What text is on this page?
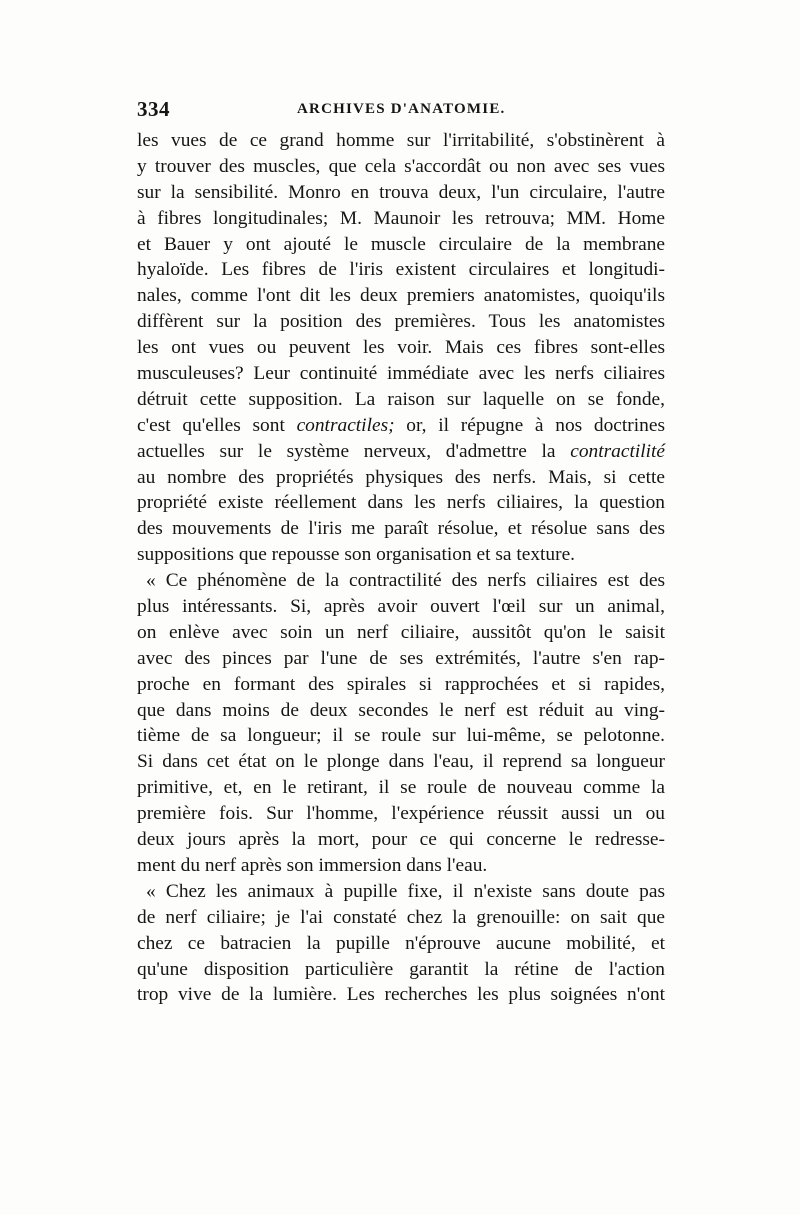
334	ARCHIVES D'ANATOMIE.
les vues de ce grand homme sur l'irritabilité, s'obstinèrent à
y trouver des muscles, que cela s'accordât ou non avec ses vues
sur la sensibilité. Monro en trouva deux, l'un circulaire, l'autre
à fibres longitudinales; M. Maunoir les retrouva; MM. Home
et Bauer y ont ajouté le muscle circulaire de la membrane
hyaloïde. Les fibres de l'iris existent circulaires et longitudi-
nales, comme l'ont dit les deux premiers anatomistes, quoiqu'ils
diffèrent sur la position des premières. Tous les anatomistes
les ont vues ou peuvent les voir. Mais ces fibres sont-elles
musculeuses? Leur continuité immédiate avec les nerfs ciliaires
détruit cette supposition. La raison sur laquelle on se fonde,
c'est qu'elles sont contractiles; or, il répugne à nos doctrines
actuelles sur le système nerveux, d'admettre la contractilité
au nombre des propriétés physiques des nerfs. Mais, si cette
propriété existe réellement dans les nerfs ciliaires, la question
des mouvements de l'iris me paraît résolue, et résolue sans des
suppositions que repousse son organisation et sa texture.
« Ce phénomène de la contractilité des nerfs ciliaires est des
plus intéressants. Si, après avoir ouvert l'œil sur un animal,
on enlève avec soin un nerf ciliaire, aussitôt qu'on le saisit
avec des pinces par l'une de ses extrémités, l'autre s'en rap-
proche en formant des spirales si rapprochées et si rapides,
que dans moins de deux secondes le nerf est réduit au ving-
tième de sa longueur; il se roule sur lui-même, se pelotonne.
Si dans cet état on le plonge dans l'eau, il reprend sa longueur
primitive, et, en le retirant, il se roule de nouveau comme la
première fois. Sur l'homme, l'expérience réussit aussi un ou
deux jours après la mort, pour ce qui concerne le redresse-
ment du nerf après son immersion dans l'eau.
« Chez les animaux à pupille fixe, il n'existe sans doute pas
de nerf ciliaire; je l'ai constaté chez la grenouille: on sait que
chez ce batracien la pupille n'éprouve aucune mobilité, et
qu'une disposition particulière garantit la rétine de l'action
trop vive de la lumière. Les recherches les plus soignées n'ont
